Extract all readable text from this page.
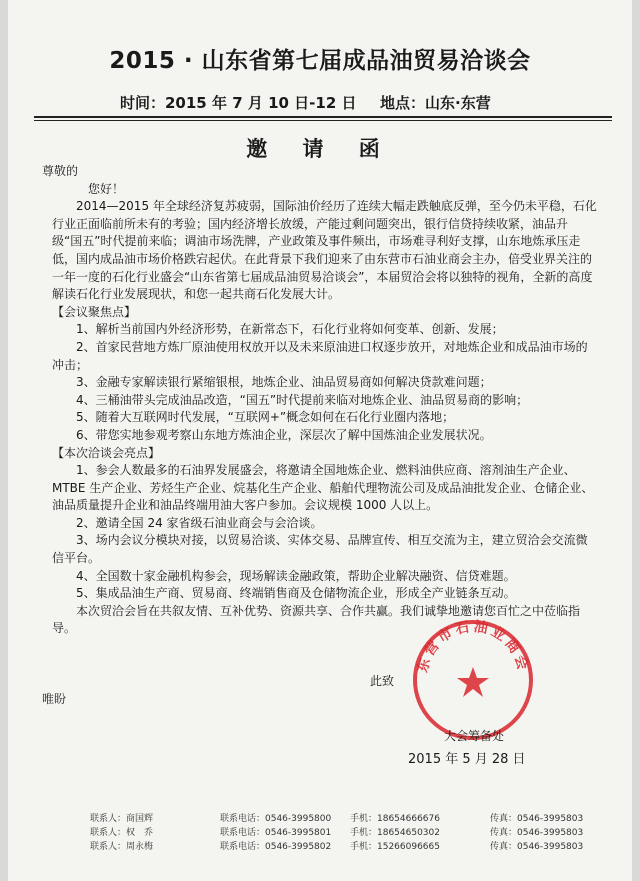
2015 · 山东省第七届成品油贸易洽谈会
时间：2015 年 7 月 10 日-12 日 地点：山东·东营
邀 请 函

尊敬的

您好！

2014—2015 年全球经济复苏疲弱，国际油价经历了连续大幅走跌触底反弹，至今仍未平稳，石化行业正面临前所未有的考验；国内经济增长放缓，产能过剩问题突出，银行信贷持续收紧，油品升级“国五”时代提前来临；调油市场洗牌，产业政策及事件频出，市场难寻利好支撑，山东地炼承压走低，国内成品油市场价格跌宕起伏。在此背景下我们迎来了由东营市石油业商会主办，倍受业界关注的一年一度的石化行业盛会“山东省第七届成品油贸易洽谈会”，本届贸洽会将以独特的视角，全新的高度解读石化行业发展现状，和您一起共商石化发展大计。

【会议聚焦点】

1、解析当前国内外经济形势，在新常态下，石化行业将如何变革、创新、发展；

2、首家民营地方炼厂原油使用权放开以及未来原油进口权逐步放开，对地炼企业和成品油市场的冲击；

3、金融专家解读银行紧缩银根，地炼企业、油品贸易商如何解决贷款难问题；

4、三桶油带头完成油品改造，“国五”时代提前来临对地炼企业、油品贸易商的影响；

5、随着大互联网时代发展，“互联网+”概念如何在石化行业圈内落地；

6、带您实地参观考察山东地方炼油企业，深层次了解中国炼油企业发展状况。

【本次洽谈会亮点】

1、参会人数最多的石油界发展盛会，将邀请全国地炼企业、燃料油供应商、溶剂油生产企业、MTBE 生产企业、芳烃生产企业、烷基化生产企业、船舶代理物流公司及成品油批发企业、仓储企业、油品质量提升企业和油品终端用油大客户参加。会议规模 1000 人以上。

2、邀请全国 24 家省级石油业商会与会洽谈。

3、场内会议分模块对接，以贸易洽谈、实体交易、品牌宣传、相互交流为主，建立贸洽会交流微信平台。

4、全国数十家金融机构参会，现场解读金融政策，帮助企业解决融资、信贷难题。

5、集成品油生产商、贸易商、终端销售商及仓储物流企业，形成全产业链条互动。

本次贸洽会旨在共叙友情、互补优势、资源共享、合作共赢。我们诚挚地邀请您百忙之中莅临指导。

此致
唯盼
东营市石油业商会
大会筹备处
2015 年 5 月 28 日
联系人：商国辉	联系电话：0546-3995800	手机：18654666676	传真：0546-3995803
联系人：权　乔	联系电话：0546-3995801	手机：18654650302	传真：0546-3995803
联系人：周永梅	联系电话：0546-3995802	手机：15266096665	传真：0546-3995803
